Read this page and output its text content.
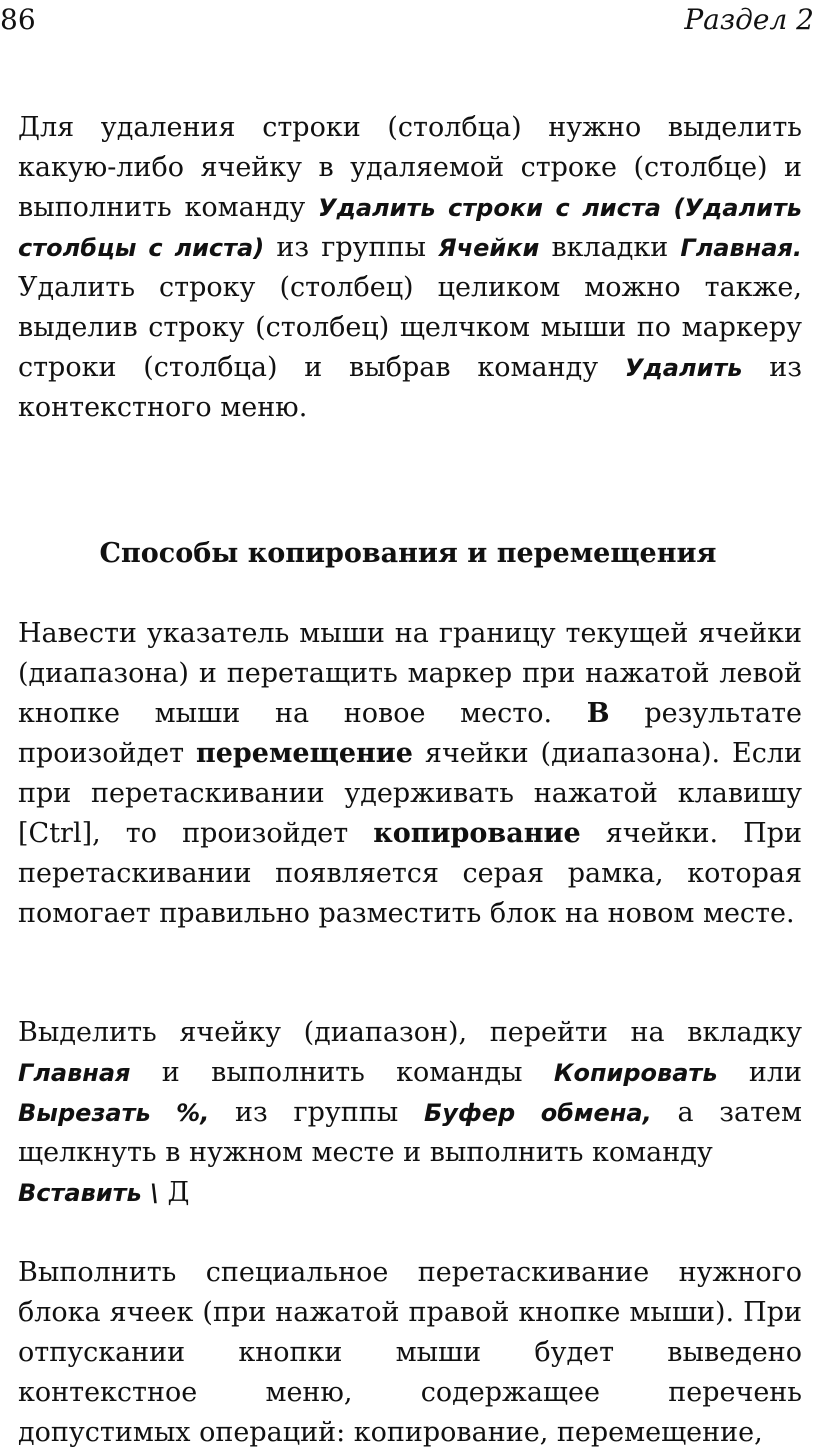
86	Раздел 2

Для удаления строки (столбца) нужно выделить какую-либо ячейку в удаляемой строке (столбце) и выполнить команду Удалить строки с листа (Удалить столбцы с листа) из группы Ячейки вкладки Главная. Удалить строку (столбец) целиком можно также, выделив строку (столбец) щелчком мыши по маркеру строки (столбца) и выбрав команду Удалить из контекстного меню.

Способы копирования и перемещения

Навести указатель мыши на границу текущей ячейки (диапазона) и перетащить маркер при нажатой левой кнопке мыши на новое место. В результате произойдет перемещение ячейки (диапазона). Если при перетаскивании удерживать нажатой клавишу [Ctrl], то произойдет копирование ячейки. При перетаскивании появляется серая рамка, которая помогает правильно разместить блок на новом месте.

Выделить ячейку (диапазон), перейти на вкладку Главная и выполнить команды Копировать или Вырезать %, из группы Буфер обмена, а затем щелкнуть в нужном месте и выполнить команду
Вставить \ Д

Выполнить специальное перетаскивание нужного блока ячеек (при нажатой правой кнопке мыши). При отпускании кнопки мыши будет выведено контекстное меню, содержащее перечень допустимых операций: копирование, перемещение,
